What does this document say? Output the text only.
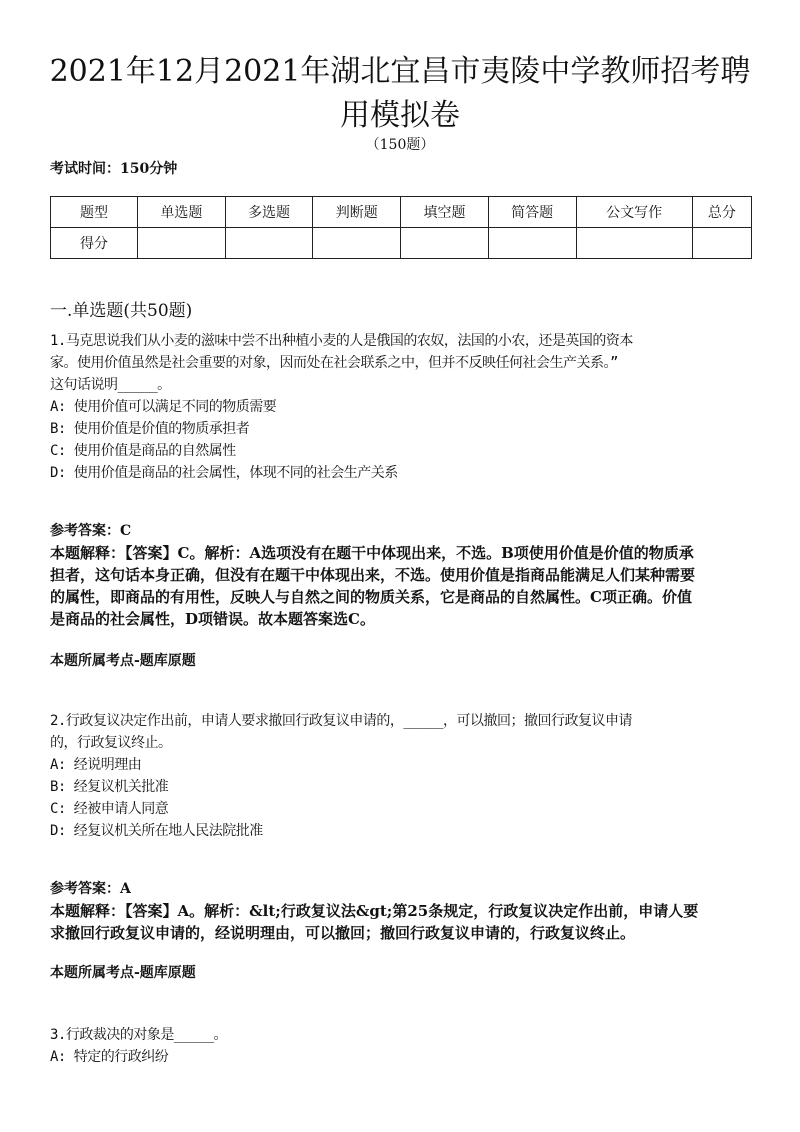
2021年12月2021年湖北宜昌市夷陵中学教师招考聘
用模拟卷
（150题）
考试时间：150分钟
题型	单选题	多选题	判断题	填空题	简答题	公文写作	总分
得分							
一.单选题(共50题)
1.马克思说我们从小麦的滋味中尝不出种植小麦的人是俄国的农奴，法国的小农，还是英国的资本
家。使用价值虽然是社会重要的对象，因而处在社会联系之中，但并不反映任何社会生产关系。”
这句话说明_____。
A: 使用价值可以满足不同的物质需要
B: 使用价值是价值的物质承担者
C: 使用价值是商品的自然属性
D: 使用价值是商品的社会属性，体现不同的社会生产关系
参考答案：C
本题解释：【答案】C。解析：A选项没有在题干中体现出来，不选。B项使用价值是价值的物质承
担者，这句话本身正确，但没有在题干中体现出来，不选。使用价值是指商品能满足人们某种需要
的属性，即商品的有用性，反映人与自然之间的物质关系，它是商品的自然属性。C项正确。价值
是商品的社会属性，D项错误。故本题答案选C。
本题所属考点-题库原题
2.行政复议决定作出前，申请人要求撤回行政复议申请的，_____，可以撤回；撤回行政复议申请
的，行政复议终止。
A: 经说明理由
B: 经复议机关批准
C: 经被申请人同意
D: 经复议机关所在地人民法院批准
参考答案：A
本题解释：【答案】A。解析：&lt;行政复议法&gt;第25条规定，行政复议决定作出前，申请人要
求撤回行政复议申请的，经说明理由，可以撤回；撤回行政复议申请的，行政复议终止。
本题所属考点-题库原题
3.行政裁决的对象是_____。
A: 特定的行政纠纷
